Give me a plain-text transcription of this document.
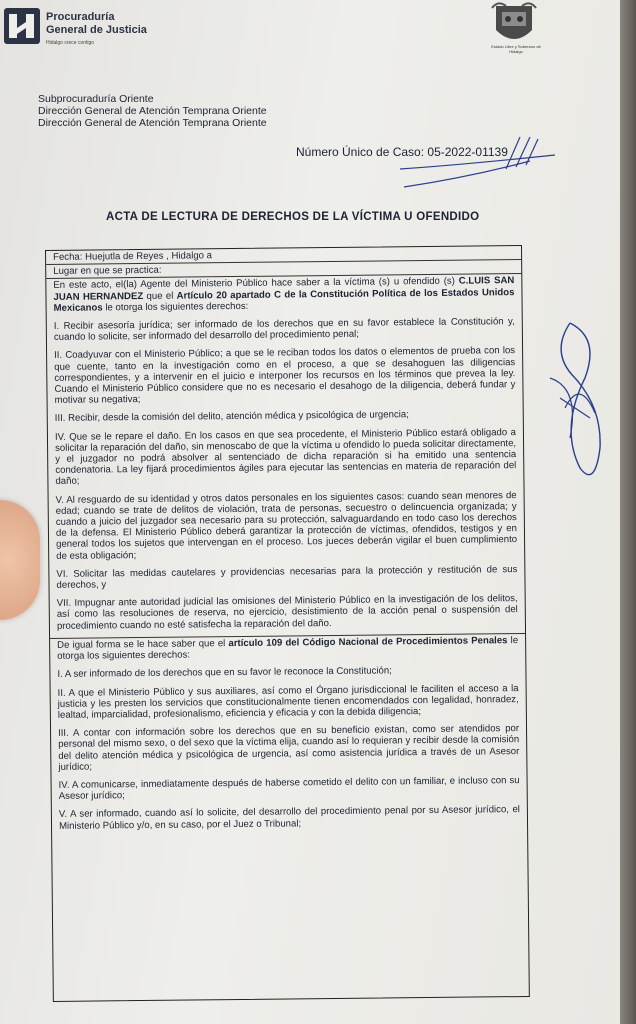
Procuraduría
General de Justicia
Hidalgo crece contigo
Estado Libre y Soberano de Hidalgo
Subprocuraduría Oriente
Dirección General de Atención Temprana Oriente
Dirección General de Atención Temprana Oriente
Número Único de Caso: 05-2022-01139
ACTA DE LECTURA DE DERECHOS DE LA VÍCTIMA U OFENDIDO
Fecha: Huejutla de Reyes , Hidalgo a
Lugar en que se practica:

En este acto, el(la) Agente del Ministerio Público hace saber a la víctima (s) u ofendido (s) C.LUIS SAN JUAN HERNANDEZ que el Artículo 20 apartado C de la Constitución Política de los Estados Unidos Mexicanos le otorga los siguientes derechos:

I. Recibir asesoría jurídica; ser informado de los derechos que en su favor establece la Constitución y, cuando lo solicite, ser informado del desarrollo del procedimiento penal;

II. Coadyuvar con el Ministerio Público; a que se le reciban todos los datos o elementos de prueba con los que cuente, tanto en la investigación como en el proceso, a que se desahoguen las diligencias correspondientes, y a intervenir en el juicio e interponer los recursos en los términos que prevea la ley. Cuando el Ministerio Público considere que no es necesario el desahogo de la diligencia, deberá fundar y motivar su negativa;

III. Recibir, desde la comisión del delito, atención médica y psicológica de urgencia;

IV. Que se le repare el daño. En los casos en que sea procedente, el Ministerio Público estará obligado a solicitar la reparación del daño, sin menoscabo de que la víctima u ofendido lo pueda solicitar directamente, y el juzgador no podrá absolver al sentenciado de dicha reparación si ha emitido una sentencia condenatoria. La ley fijará procedimientos ágiles para ejecutar las sentencias en materia de reparación del daño;

V. Al resguardo de su identidad y otros datos personales en los siguientes casos: cuando sean menores de edad; cuando se trate de delitos de violación, trata de personas, secuestro o delincuencia organizada; y cuando a juicio del juzgador sea necesario para su protección, salvaguardando en todo caso los derechos de la defensa. El Ministerio Público deberá garantizar la protección de víctimas, ofendidos, testigos y en general todos los sujetos que intervengan en el proceso. Los jueces deberán vigilar el buen cumplimiento de esta obligación;

VI. Solicitar las medidas cautelares y providencias necesarias para la protección y restitución de sus derechos, y

VII. Impugnar ante autoridad judicial las omisiones del Ministerio Público en la investigación de los delitos, así como las resoluciones de reserva, no ejercicio, desistimiento de la acción penal o suspensión del procedimiento cuando no esté satisfecha la reparación del daño.

De igual forma se le hace saber que el artículo 109 del Código Nacional de Procedimientos Penales le otorga los siguientes derechos:

I. A ser informado de los derechos que en su favor le reconoce la Constitución;

II. A que el Ministerio Público y sus auxiliares, así como el Órgano jurisdiccional le faciliten el acceso a la justicia y les presten los servicios que constitucionalmente tienen encomendados con legalidad, honradez, lealtad, imparcialidad, profesionalismo, eficiencia y eficacia y con la debida diligencia;

III. A contar con información sobre los derechos que en su beneficio existan, como ser atendidos por personal del mismo sexo, o del sexo que la víctima elija, cuando así lo requieran y recibir desde la comisión del delito atención médica y psicológica de urgencia, así como asistencia jurídica a través de un Asesor jurídico;

IV. A comunicarse, inmediatamente después de haberse cometido el delito con un familiar, e incluso con su Asesor jurídico;

V. A ser informado, cuando así lo solicite, del desarrollo del procedimiento penal por su Asesor jurídico, el Ministerio Público y/o, en su caso, por el Juez o Tribunal;
